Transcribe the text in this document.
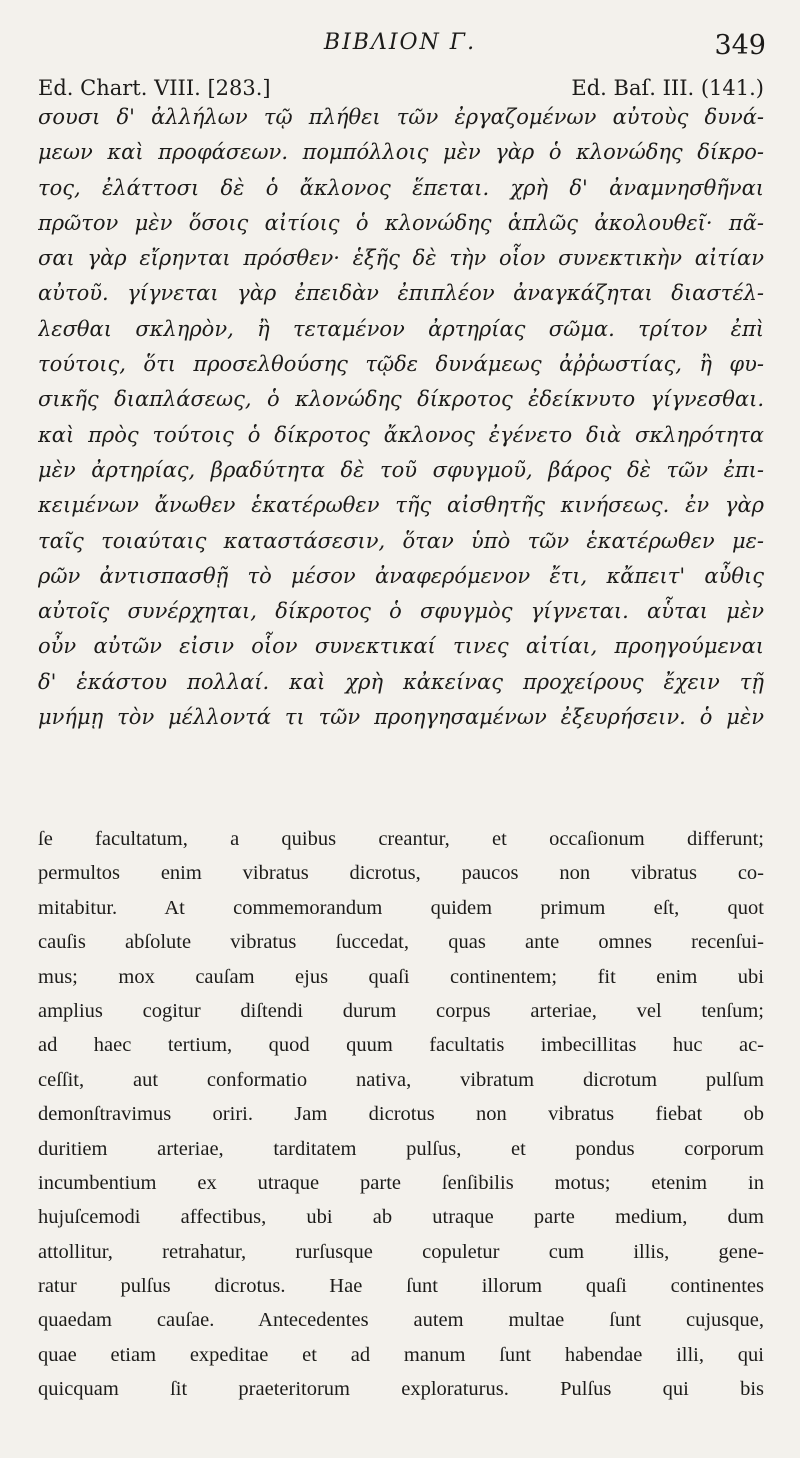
ΒΙΒΛΙΟΝ Γ.	349
Ed. Chart. VIII. [283.]	Ed. Baſ. III. (141.)
σουσι δ' ἀλλήλων τῷ πλήθει τῶν ἐργαζομένων αὐτοὺς δυνά-
μεων καὶ προφάσεων. πομπόλλοις μὲν γὰρ ὁ κλονώδης δίκρο-
τος, ἐλάττοσι δὲ ὁ ἄκλονος ἕπεται. χρὴ δ' ἀναμνησθῆναι
πρῶτον μὲν ὅσοις αἰτίοις ὁ κλονώδης ἁπλῶς ἀκολουθεῖ· πᾶ-
σαι γὰρ εἴρηνται πρόσθεν· ἑξῆς δὲ τὴν οἷον συνεκτικὴν αἰτίαν
αὐτοῦ. γίγνεται γὰρ ἐπειδὰν ἐπιπλέον ἀναγκάζηται διαστέλ-
λεσθαι σκληρὸν, ἢ τεταμένον ἀρτηρίας σῶμα. τρίτον ἐπὶ
τούτοις, ὅτι προσελθούσης τῷδε δυνάμεως ἀῤῥωστίας, ἢ φυ-
σικῆς διαπλάσεως, ὁ κλονώδης δίκροτος ἐδείκνυτο γίγνεσθαι.
καὶ πρὸς τούτοις ὁ δίκροτος ἄκλονος ἐγένετο διὰ σκληρότητα
μὲν ἀρτηρίας, βραδύτητα δὲ τοῦ σφυγμοῦ, βάρος δὲ τῶν ἐπι-
κειμένων ἄνωθεν ἑκατέρωθεν τῆς αἰσθητῆς κινήσεως. ἐν γὰρ
ταῖς τοιαύταις καταστάσεσιν, ὅταν ὑπὸ τῶν ἑκατέρωθεν με-
ρῶν ἀντισπασθῇ τὸ μέσον ἀναφερόμενον ἔτι, κἄπειτ' αὖθις
αὐτοῖς συνέρχηται, δίκροτος ὁ σφυγμὸς γίγνεται. αὗται μὲν
οὖν αὐτῶν εἰσιν οἷον συνεκτικαί τινες αἰτίαι, προηγούμεναι
δ' ἑκάστου πολλαί. καὶ χρὴ κἀκείνας προχείρους ἔχειν τῇ
μνήμῃ τὸν μέλλοντά τι τῶν προηγησαμένων ἐξευρήσειν. ὁ μὲν
ſe facultatum, a quibus creantur, et occaſionum differunt;
permultos enim vibratus dicrotus, paucos non vibratus co-
mitabitur. At commemorandum quidem primum eſt, quot
cauſis abſolute vibratus ſuccedat, quas ante omnes recenſui-
mus; mox cauſam ejus quaſi continentem; fit enim ubi
amplius cogitur diſtendi durum corpus arteriae, vel tenſum;
ad haec tertium, quod quum facultatis imbecillitas huc ac-
ceſſit, aut conformatio nativa, vibratum dicrotum pulſum
demonſtravimus oriri. Jam dicrotus non vibratus fiebat ob
duritiem arteriae, tarditatem pulſus, et pondus corporum
incumbentium ex utraque parte ſenſibilis motus; etenim in
hujuſcemodi affectibus, ubi ab utraque parte medium, dum
attollitur, retrahatur, rurſusque copuletur cum illis, gene-
ratur pulſus dicrotus. Hae ſunt illorum quaſi continentes
quaedam cauſae. Antecedentes autem multae ſunt cujusque,
quae etiam expeditae et ad manum ſunt habendae illi, qui
quicquam ſit praeteritorum exploraturus. Pulſus qui bis
